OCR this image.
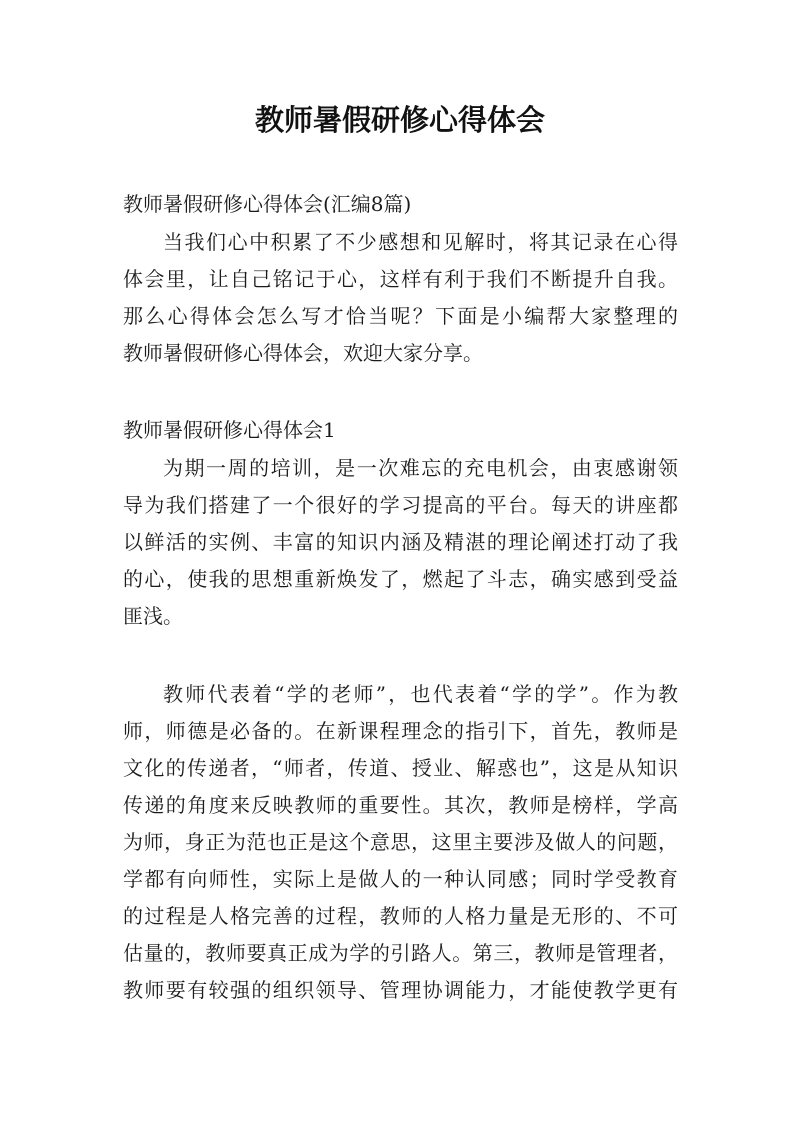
教师暑假研修心得体会

教师暑假研修心得体会(汇编8篇)

当我们心中积累了不少感想和见解时，将其记录在心得

体会里，让自己铭记于心，这样有利于我们不断提升自我。

那么心得体会怎么写才恰当呢？下面是小编帮大家整理的

教师暑假研修心得体会，欢迎大家分享。

教师暑假研修心得体会1

为期一周的培训，是一次难忘的充电机会，由衷感谢领

导为我们搭建了一个很好的学习提高的平台。每天的讲座都

以鲜活的实例、丰富的知识内涵及精湛的理论阐述打动了我

的心，使我的思想重新焕发了，燃起了斗志，确实感到受益

匪浅。

教师代表着“学的老师”，也代表着“学的学”。作为教

师，师德是必备的。在新课程理念的指引下，首先，教师是

文化的传递者，“师者，传道、授业、解惑也”，这是从知识

传递的角度来反映教师的重要性。其次，教师是榜样，学高

为师，身正为范也正是这个意思，这里主要涉及做人的问题，

学都有向师性，实际上是做人的一种认同感；同时学受教育

的过程是人格完善的过程，教师的人格力量是无形的、不可

估量的，教师要真正成为学的引路人。第三，教师是管理者，

教师要有较强的组织领导、管理协调能力，才能使教学更有
